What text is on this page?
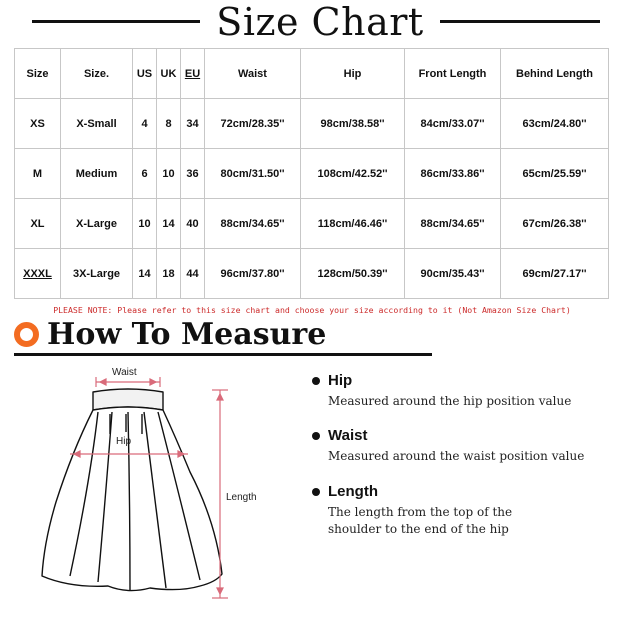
Size Chart
Size	Size.	US	UK	EU	Waist	Hip	Front Length	Behind Length
XS	X-Small	4	8	34	72cm/28.35''	98cm/38.58''	84cm/33.07''	63cm/24.80''
M	Medium	6	10	36	80cm/31.50''	108cm/42.52''	86cm/33.86''	65cm/25.59''
XL	X-Large	10	14	40	88cm/34.65''	118cm/46.46''	88cm/34.65''	67cm/26.38''
XXXL	3X-Large	14	18	44	96cm/37.80''	128cm/50.39''	90cm/35.43''	69cm/27.17''
PLEASE NOTE: Please refer to this size chart and choose your size according to it (Not Amazon Size Chart)
How To Measure
Waist
Hip
Length
Hip
Measured around the hip position value
Waist
Measured around the waist position value
Length
The length from the top of the shoulder to the end of the hip
